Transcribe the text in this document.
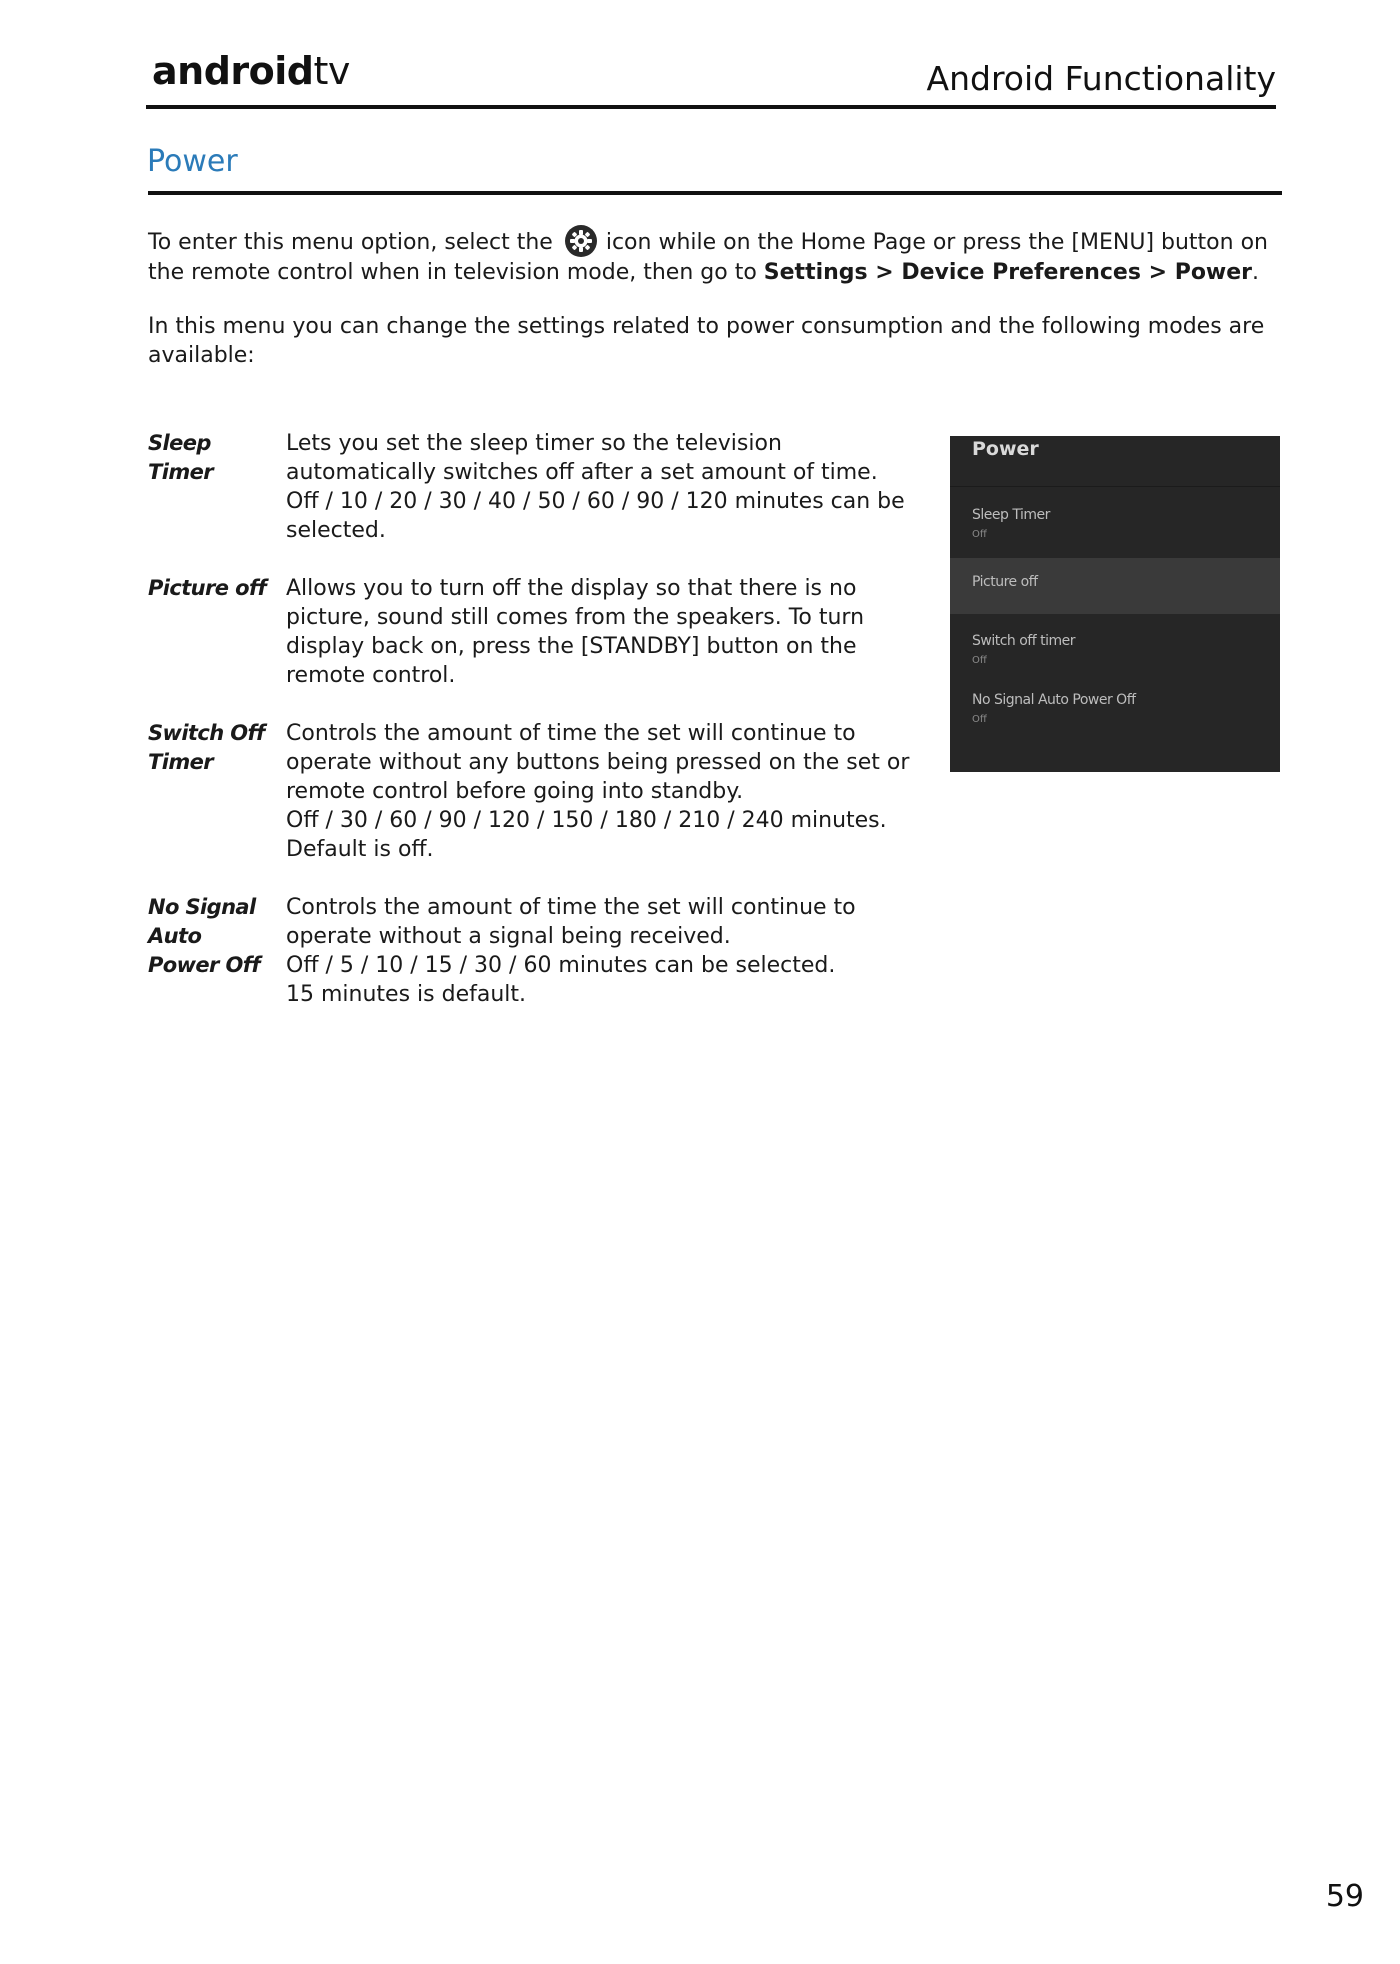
androidtv	Android Functionality
Power
To enter this menu option, select the icon while on the Home Page or press the [MENU] button on the remote control when in television mode, then go to Settings > Device Preferences > Power.
In this menu you can change the settings related to power consumption and the following modes are available:
Sleep Timer
Lets you set the sleep timer so the television automatically switches off after a set amount of time.
Off / 10 / 20 / 30 / 40 / 50 / 60 / 90 / 120 minutes can be selected.
Picture off Allows you to turn off the display so that there is no picture, sound still comes from the speakers. To turn display back on, press the [STANDBY] button on the remote control.
Switch Off Timer
Controls the amount of time the set will continue to operate without any buttons being pressed on the set or remote control before going into standby.
Off / 30 / 60 / 90 / 120 / 150 / 180 / 210 / 240 minutes.
Default is off.
No Signal Auto Power Off
Controls the amount of time the set will continue to operate without a signal being received.
Off / 5 / 10 / 15 / 30 / 60 minutes can be selected.
15 minutes is default.
Power
Sleep Timer
Off
Picture off
Switch off timer
Off
No Signal Auto Power Off
Off
59
